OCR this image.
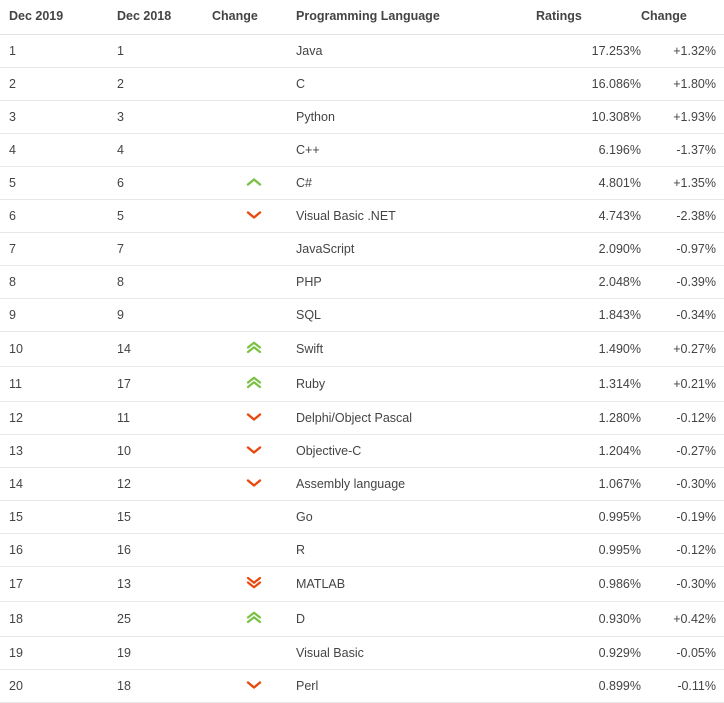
Dec 2019	Dec 2018	Change	Programming Language	Ratings	Change
1	1		Java	17.253%	+1.32%
2	2		C	16.086%	+1.80%
3	3		Python	10.308%	+1.93%
4	4		C++	6.196%	-1.37%
5	6		C#	4.801%	+1.35%
6	5		Visual Basic .NET	4.743%	-2.38%
7	7		JavaScript	2.090%	-0.97%
8	8		PHP	2.048%	-0.39%
9	9		SQL	1.843%	-0.34%
10	14		Swift	1.490%	+0.27%
11	17		Ruby	1.314%	+0.21%
12	11		Delphi/Object Pascal	1.280%	-0.12%
13	10		Objective-C	1.204%	-0.27%
14	12		Assembly language	1.067%	-0.30%
15	15		Go	0.995%	-0.19%
16	16		R	0.995%	-0.12%
17	13		MATLAB	0.986%	-0.30%
18	25		D	0.930%	+0.42%
19	19		Visual Basic	0.929%	-0.05%
20	18		Perl	0.899%	-0.11%
